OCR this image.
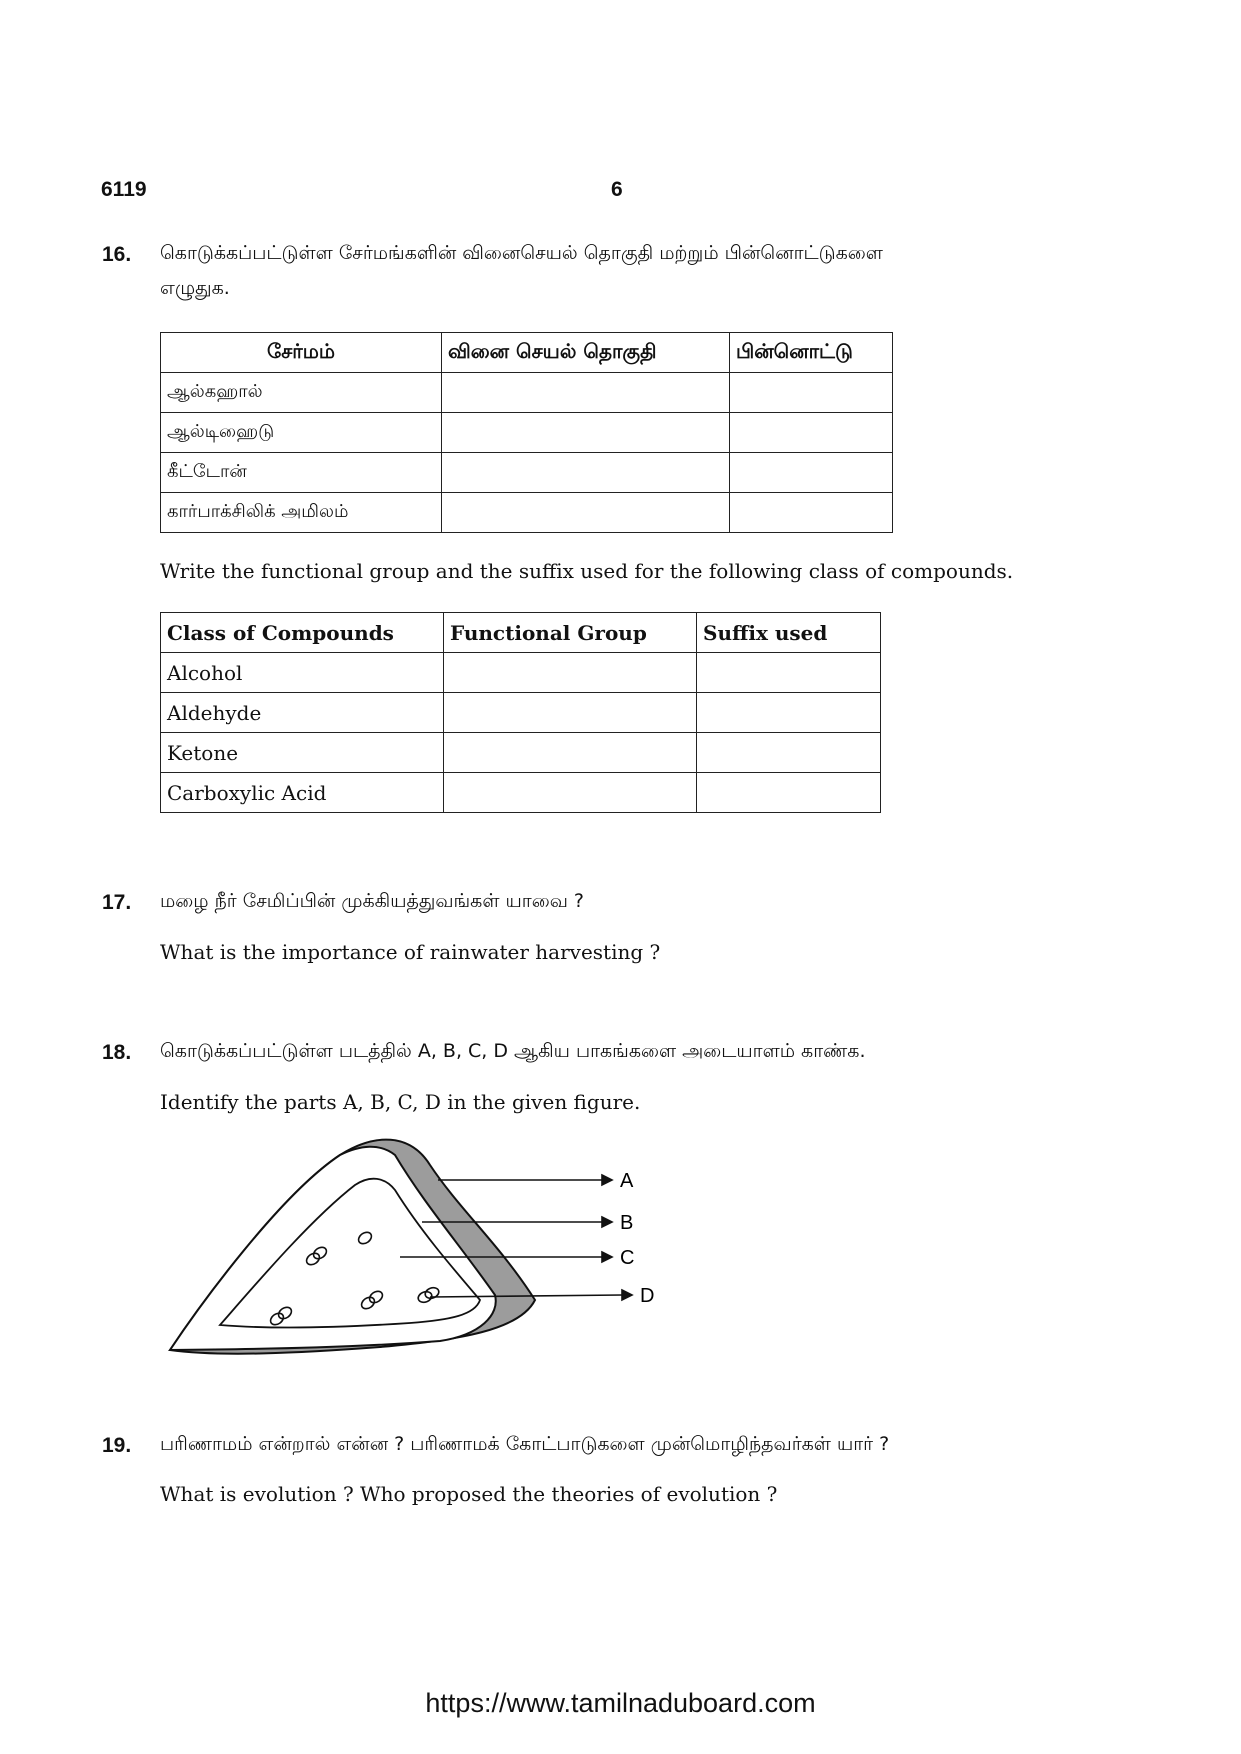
6119	6
16. கொடுக்கப்பட்டுள்ள சேர்மங்களின் வினைசெயல் தொகுதி மற்றும் பின்னொட்டுகளை
எழுதுக.
சேர்மம்	வினை செயல் தொகுதி	பின்னொட்டு
ஆல்கஹால்		
ஆல்டிஹைடு		
கீட்டோன்		
கார்பாக்சிலிக் அமிலம்		
Write the functional group and the suffix used for the following class of compounds.
Class of Compounds	Functional Group	Suffix used
Alcohol		
Aldehyde		
Ketone		
Carboxylic Acid		
17. மழை நீர் சேமிப்பின் முக்கியத்துவங்கள் யாவை ?
What is the importance of rainwater harvesting ?
18. கொடுக்கப்பட்டுள்ள படத்தில் A, B, C, D ஆகிய பாகங்களை அடையாளம் காண்க.
Identify the parts A, B, C, D in the given figure.
A
B
C
D
19. பரிணாமம் என்றால் என்ன ? பரிணாமக் கோட்பாடுகளை முன்மொழிந்தவர்கள் யார் ?
What is evolution ? Who proposed the theories of evolution ?
https://www.tamilnaduboard.com
